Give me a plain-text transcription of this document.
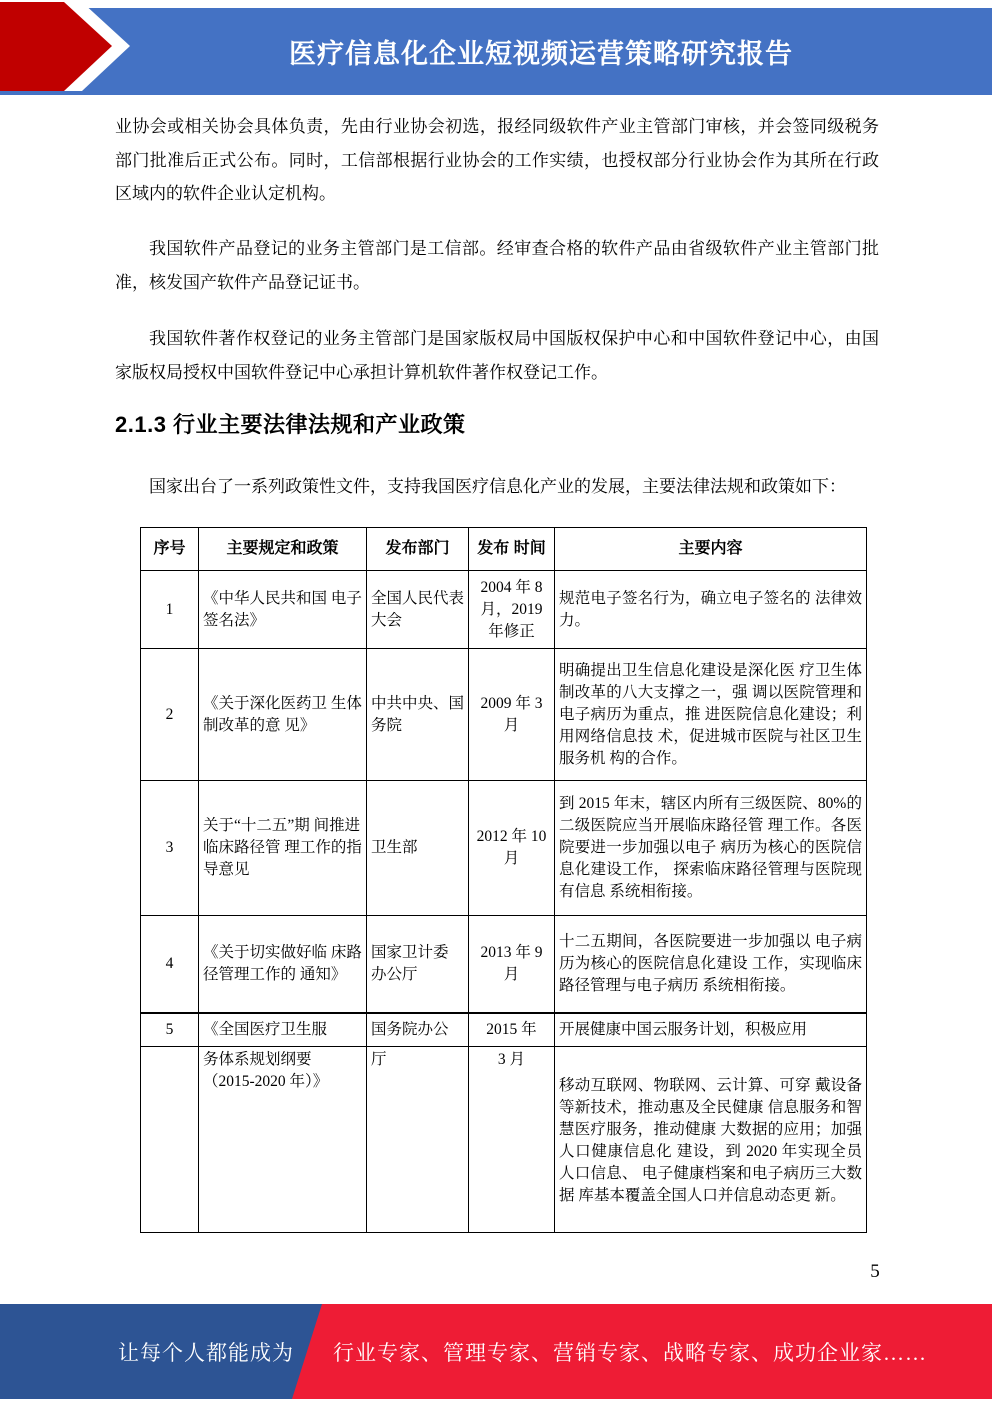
医疗信息化企业短视频运营策略研究报告
业协会或相关协会具体负责，先由行业协会初选，报经同级软件产业主管部门审核，并会签同级税务部门批准后正式公布。同时，工信部根据行业协会的工作实绩，也授权部分行业协会作为其所在行政区域内的软件企业认定机构。
我国软件产品登记的业务主管部门是工信部。经审查合格的软件产品由省级软件产业主管部门批准，核发国产软件产品登记证书。
我国软件著作权登记的业务主管部门是国家版权局中国版权保护中心和中国软件登记中心，由国家版权局授权中国软件登记中心承担计算机软件著作权登记工作。
2.1.3 行业主要法律法规和产业政策
国家出台了一系列政策性文件，支持我国医疗信息化产业的发展，主要法律法规和政策如下：
序号	主要规定和政策	发布部门	发布 时间	主要内容
1	《中华人民共和国 电子签名法》	全国人民代表大会	2004 年 8 月，2019 年修正	规范电子签名行为，确立电子签名的 法律效力。
2	《关于深化医药卫 生体制改革的意 见》	中共中央、国务院	2009 年 3 月	明确提出卫生信息化建设是深化医 疗卫生体制改革的八大支撑之一，强 调以医院管理和电子病历为重点，推 进医院信息化建设；利用网络信息技 术，促进城市医院与社区卫生服务机 构的合作。
3	关于“十二五”期 间推进临床路径管 理工作的指导意见	卫生部	2012 年 10 月	到 2015 年末，辖区内所有三级医院、80%的二级医院应当开展临床路径管 理工作。各医院要进一步加强以电子 病历为核心的医院信息化建设工作， 探索临床路径管理与医院现有信息 系统相衔接。
4	《关于切实做好临 床路径管理工作的 通知》	国家卫计委 办公厅	2013 年 9 月	十二五期间，各医院要进一步加强以 电子病历为核心的医院信息化建设 工作，实现临床路径管理与电子病历 系统相衔接。
5	《全国医疗卫生服	国务院办公	2015 年	开展健康中国云服务计划，积极应用
	务体系规划纲要 （2015-2020 年）》	厅	3 月	移动互联网、物联网、云计算、可穿 戴设备等新技术，推动惠及全民健康 信息服务和智慧医疗服务，推动健康 大数据的应用；加强人口健康信息化 建设，到 2020 年实现全员人口信息、 电子健康档案和电子病历三大数据 库基本覆盖全国人口并信息动态更 新。
5
让每个人都能成为 行业专家、管理专家、营销专家、战略专家、成功企业家……
